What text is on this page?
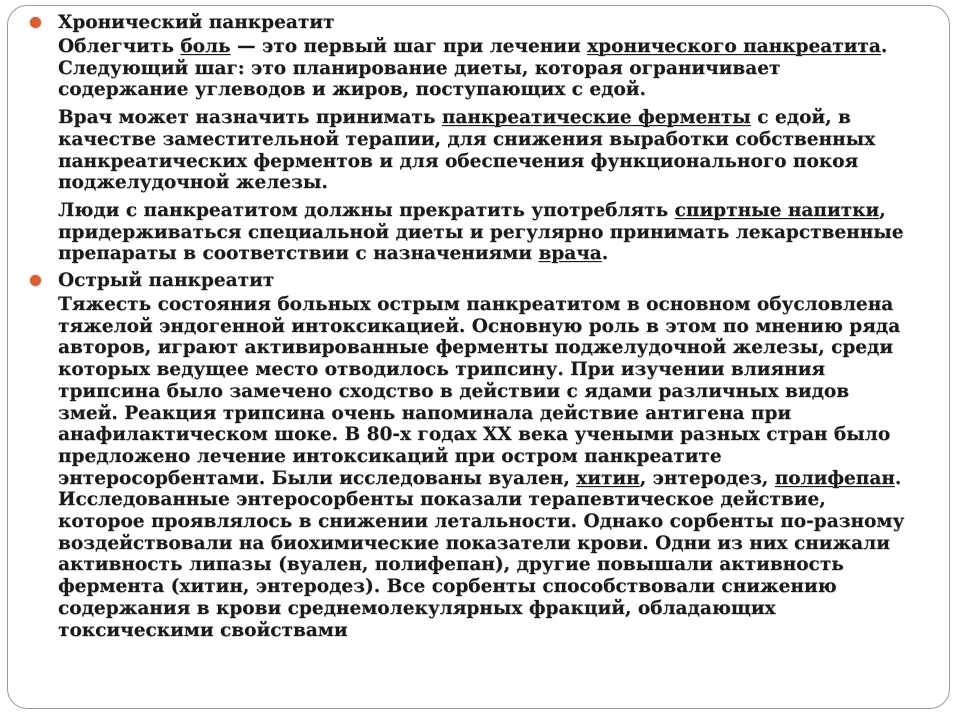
Хронический панкреатит

Облегчить боль — это первый шаг при лечении хронического панкреатита. Следующий шаг: это планирование диеты, которая ограничивает содержание углеводов и жиров, поступающих с едой.

Врач может назначить принимать панкреатические ферменты с едой, в качестве заместительной терапии, для снижения выработки собственных панкреатических ферментов и для обеспечения функционального покоя поджелудочной железы.

Люди с панкреатитом должны прекратить употреблять спиртные напитки, придерживаться специальной диеты и регулярно принимать лекарственные препараты в соответствии с назначениями врача.

Острый панкреатит

Тяжесть состояния больных острым панкреатитом в основном обусловлена тяжелой эндогенной интоксикацией. Основную роль в этом по мнению ряда авторов, играют активированные ферменты поджелудочной железы, среди которых ведущее место отводилось трипсину. При изучении влияния трипсина было замечено сходство в действии с ядами различных видов змей. Реакция трипсина очень напоминала действие антигена при анафилактическом шоке. В 80-х годах XX века учеными разных стран было предложено лечение интоксикаций при остром панкреатите энтеросорбентами. Были исследованы вуален, хитин, энтеродез, полифепан. Исследованные энтеросорбенты показали терапевтическое действие, которое проявлялось в снижении летальности. Однако сорбенты по-разному воздействовали на биохимические показатели крови. Одни из них снижали активность липазы (вуален, полифепан), другие повышали активность фермента (хитин, энтеродез). Все сорбенты способствовали снижению содержания в крови среднемолекулярных фракций, обладающих токсическими свойствами
